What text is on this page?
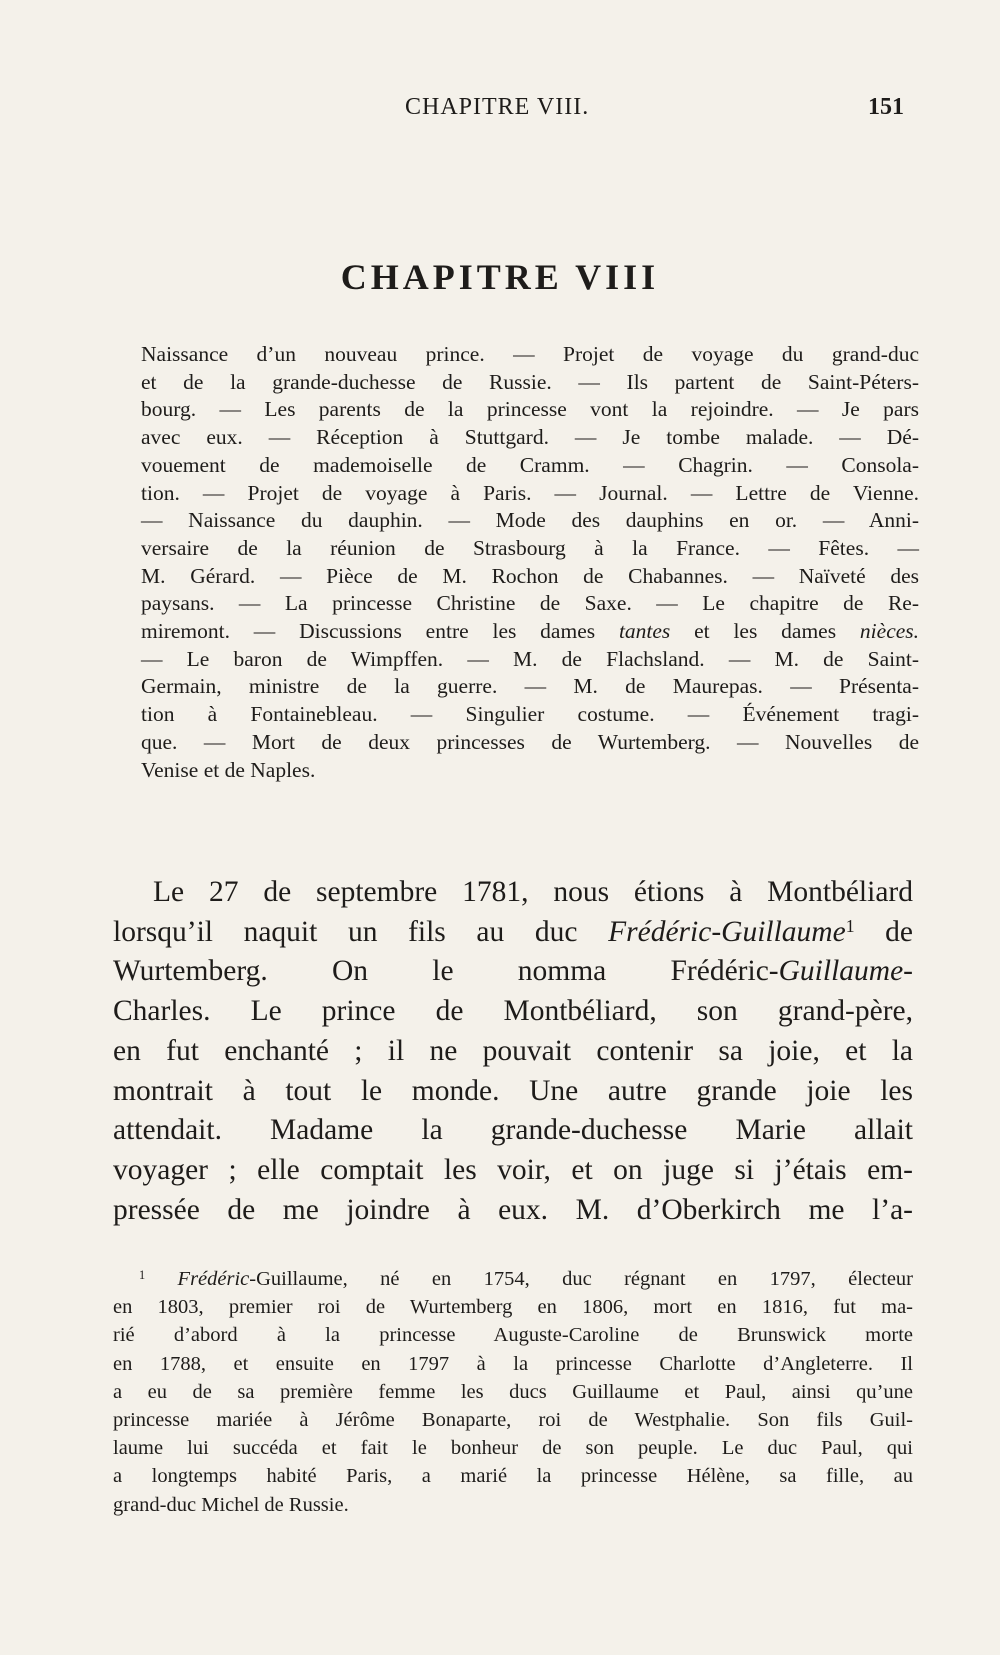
CHAPITRE VIII.	151
CHAPITRE VIII
Naissance d’un nouveau prince. — Projet de voyage du grand-duc
et de la grande-duchesse de Russie. — Ils partent de Saint-Péters-
bourg. — Les parents de la princesse vont la rejoindre. — Je pars
avec eux. — Réception à Stuttgard. — Je tombe malade. — Dé-
vouement de mademoiselle de Cramm. — Chagrin. — Consola-
tion. — Projet de voyage à Paris. — Journal. — Lettre de Vienne.
— Naissance du dauphin. — Mode des dauphins en or. — Anni-
versaire de la réunion de Strasbourg à la France. — Fêtes. —
M. Gérard. — Pièce de M. Rochon de Chabannes. — Naïveté des
paysans. — La princesse Christine de Saxe. — Le chapitre de Re-
miremont. — Discussions entre les dames tantes et les dames nièces.
— Le baron de Wimpffen. — M. de Flachsland. — M. de Saint-
Germain, ministre de la guerre. — M. de Maurepas. — Présenta-
tion à Fontainebleau. — Singulier costume. — Événement tragi-
que. — Mort de deux princesses de Wurtemberg. — Nouvelles de
Venise et de Naples.
Le 27 de septembre 1781, nous étions à Montbéliard
lorsqu’il naquit un fils au duc Frédéric-Guillaume$^1$ de
Wurtemberg. On le nomma Frédéric-Guillaume-
Charles. Le prince de Montbéliard, son grand-père,
en fut enchanté ; il ne pouvait contenir sa joie, et la
montrait à tout le monde. Une autre grande joie les
attendait. Madame la grande-duchesse Marie allait
voyager ; elle comptait les voir, et on juge si j’étais em-
pressée de me joindre à eux. M. d’Oberkirch me l’a-
$^1$ Frédéric-Guillaume, né en 1754, duc régnant en 1797, électeur
en 1803, premier roi de Wurtemberg en 1806, mort en 1816, fut ma-
rié d’abord à la princesse Auguste-Caroline de Brunswick morte
en 1788, et ensuite en 1797 à la princesse Charlotte d’Angleterre. Il
a eu de sa première femme les ducs Guillaume et Paul, ainsi qu’une
princesse mariée à Jérôme Bonaparte, roi de Westphalie. Son fils Guil-
laume lui succéda et fait le bonheur de son peuple. Le duc Paul, qui
a longtemps habité Paris, a marié la princesse Hélène, sa fille, au
grand-duc Michel de Russie.
